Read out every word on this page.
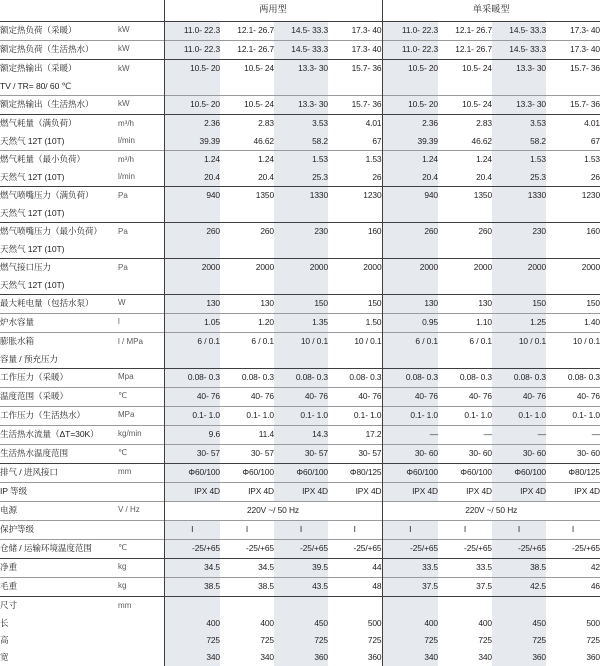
		两用型				单采暖型			
额定热负荷（采暖）	kW	11.0- 22.3	12.1- 26.7	14.5- 33.3	17.3- 40	11.0- 22.3	12.1- 26.7	14.5- 33.3	17.3- 40
额定热负荷（生活热水）	kW	11.0- 22.3	12.1- 26.7	14.5- 33.3	17.3- 40	11.0- 22.3	12.1- 26.7	14.5- 33.3	17.3- 40
额定热输出（采暖）	kW	10.5- 20	10.5- 24	13.3- 30	15.7- 36	10.5- 20	10.5- 24	13.3- 30	15.7- 36
TV / TR= 80/ 60 ℃									
额定热输出（生活热水）	kW	10.5- 20	10.5- 24	13.3- 30	15.7- 36	10.5- 20	10.5- 24	13.3- 30	15.7- 36
燃气耗量（满负荷）	m³/h	2.36	2.83	3.53	4.01	2.36	2.83	3.53	4.01
天然气 12T (10T)	l/min	39.39	46.62	58.2	67	39.39	46.62	58.2	67
燃气耗量（最小负荷）	m³/h	1.24	1.24	1.53	1.53	1.24	1.24	1.53	1.53
天然气 12T (10T)	l/min	20.4	20.4	25.3	26	20.4	20.4	25.3	26
燃气喷嘴压力（满负荷）	Pa	940	1350	1330	1230	940	1350	1330	1230
天然气 12T (10T)									
燃气喷嘴压力（最小负荷）	Pa	260	260	230	160	260	260	230	160
天然气 12T (10T)									
燃气接口压力	Pa	2000	2000	2000	2000	2000	2000	2000	2000
天然气 12T (10T)									
最大耗电量（包括水泵）	W	130	130	150	150	130	130	150	150
炉水容量	l	1.05	1.20	1.35	1.50	0.95	1.10	1.25	1.40
膨胀水箱	l / MPa	6 / 0.1	6 / 0.1	10 / 0.1	10 / 0.1	6 / 0.1	6 / 0.1	10 / 0.1	10 / 0.1
容量 / 预充压力									
工作压力（采暖）	Mpa	0.08- 0.3	0.08- 0.3	0.08- 0.3	0.08- 0.3	0.08- 0.3	0.08- 0.3	0.08- 0.3	0.08- 0.3
温度范围（采暖）	℃	40- 76	40- 76	40- 76	40- 76	40- 76	40- 76	40- 76	40- 76
工作压力（生活热水）	MPa	0.1- 1.0	0.1- 1.0	0.1- 1.0	0.1- 1.0	0.1- 1.0	0.1- 1.0	0.1- 1.0	0.1- 1.0
生活热水流量（ΔT=30K）	kg/min	9.6	11.4	14.3	17.2	—	—	—	—
生活热水温度范围	℃	30- 57	30- 57	30- 57	30- 57	30- 60	30- 60	30- 60	30- 60
排气 / 进风接口	mm	Φ60/100	Φ60/100	Φ60/100	Φ80/125	Φ60/100	Φ60/100	Φ60/100	Φ80/125
IP 等级		IPX 4D	IPX 4D	IPX 4D	IPX 4D	IPX 4D	IPX 4D	IPX 4D	IPX 4D
电源	V / Hz	220V ~/ 50 Hz				220V ~/ 50 Hz			
保护等级		I	I	I	I	I	I	I	I
仓储 / 运输环境温度范围	℃	-25/+65	-25/+65	-25/+65	-25/+65	-25/+65	-25/+65	-25/+65	-25/+65
净重	kg	34.5	34.5	39.5	44	33.5	33.5	38.5	42
毛重	kg	38.5	38.5	43.5	48	37.5	37.5	42.5	46
尺寸	mm								
长		400	400	450	500	400	400	450	500
高		725	725	725	725	725	725	725	725
宽		340	340	360	360	340	340	360	360
